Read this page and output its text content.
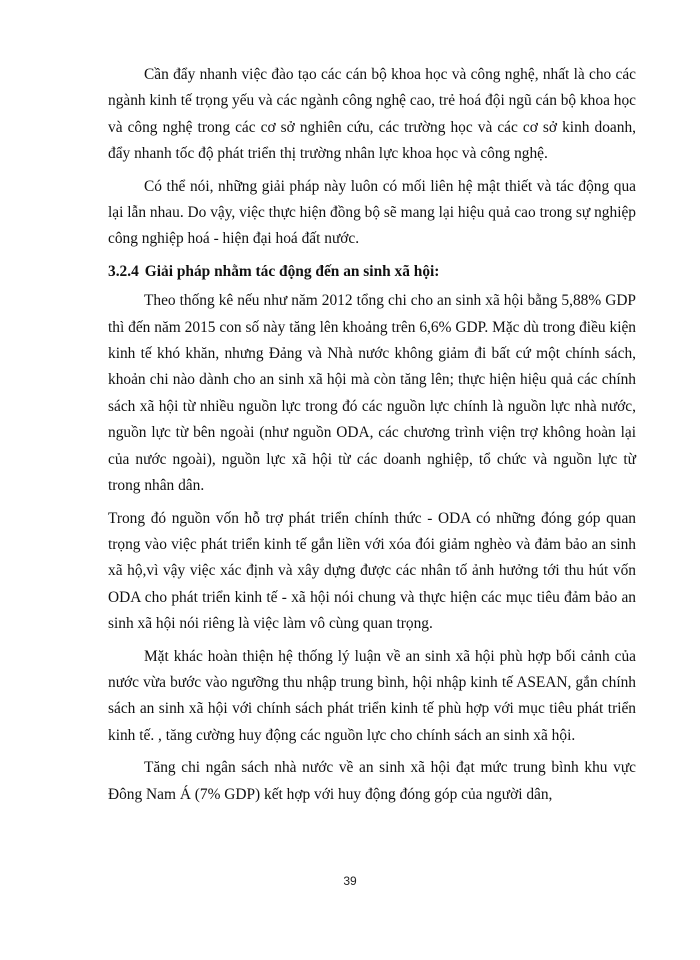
Cần đẩy nhanh việc đào tạo các cán bộ khoa học và công nghệ, nhất là cho các ngành kinh tế trọng yếu và các ngành công nghệ cao, trẻ hoá đội ngũ cán bộ khoa học và công nghệ trong các cơ sở nghiên cứu, các trường học và các cơ sở kinh doanh, đẩy nhanh tốc độ phát triển thị trường nhân lực khoa học và công nghệ.

Có thể nói, những giải pháp này luôn có mối liên hệ mật thiết và tác động qua lại lẫn nhau. Do vậy, việc thực hiện đồng bộ sẽ mang lại hiệu quả cao trong sự nghiệp công nghiệp hoá - hiện đại hoá đất nước.

3.2.4 Giải pháp nhằm tác động đến an sinh xã hội:

Theo thống kê nếu như năm 2012 tổng chi cho an sinh xã hội bằng 5,88% GDP thì đến năm 2015 con số này tăng lên khoảng trên 6,6% GDP. Mặc dù trong điều kiện kinh tế khó khăn, nhưng Đảng và Nhà nước không giảm đi bất cứ một chính sách, khoản chi nào dành cho an sinh xã hội mà còn tăng lên; thực hiện hiệu quả các chính sách xã hội từ nhiều nguồn lực trong đó các nguồn lực chính là nguồn lực nhà nước, nguồn lực từ bên ngoài (như nguồn ODA, các chương trình viện trợ không hoàn lại của nước ngoài), nguồn lực xã hội từ các doanh nghiệp, tổ chức và nguồn lực từ trong nhân dân.

Trong đó nguồn vốn hỗ trợ phát triển chính thức - ODA có những đóng góp quan trọng vào việc phát triển kinh tế gắn liền với xóa đói giảm nghèo và đảm bảo an sinh xã hộ,vì vậy việc xác định và xây dựng được các nhân tố ảnh hưởng tới thu hút vốn ODA cho phát triển kinh tế - xã hội nói chung và thực hiện các mục tiêu đảm bảo an sinh xã hội nói riêng là việc làm vô cùng quan trọng.

Mặt khác hoàn thiện hệ thống lý luận về an sinh xã hội phù hợp bối cảnh của nước vừa bước vào ngưỡng thu nhập trung bình, hội nhập kinh tế ASEAN, gắn chính sách an sinh xã hội với chính sách phát triển kinh tế phù hợp với mục tiêu phát triển kinh tế. , tăng cường huy động các nguồn lực cho chính sách an sinh xã hội.

Tăng chi ngân sách nhà nước về an sinh xã hội đạt mức trung bình khu vực Đông Nam Á (7% GDP) kết hợp với huy động đóng góp của người dân,

39
